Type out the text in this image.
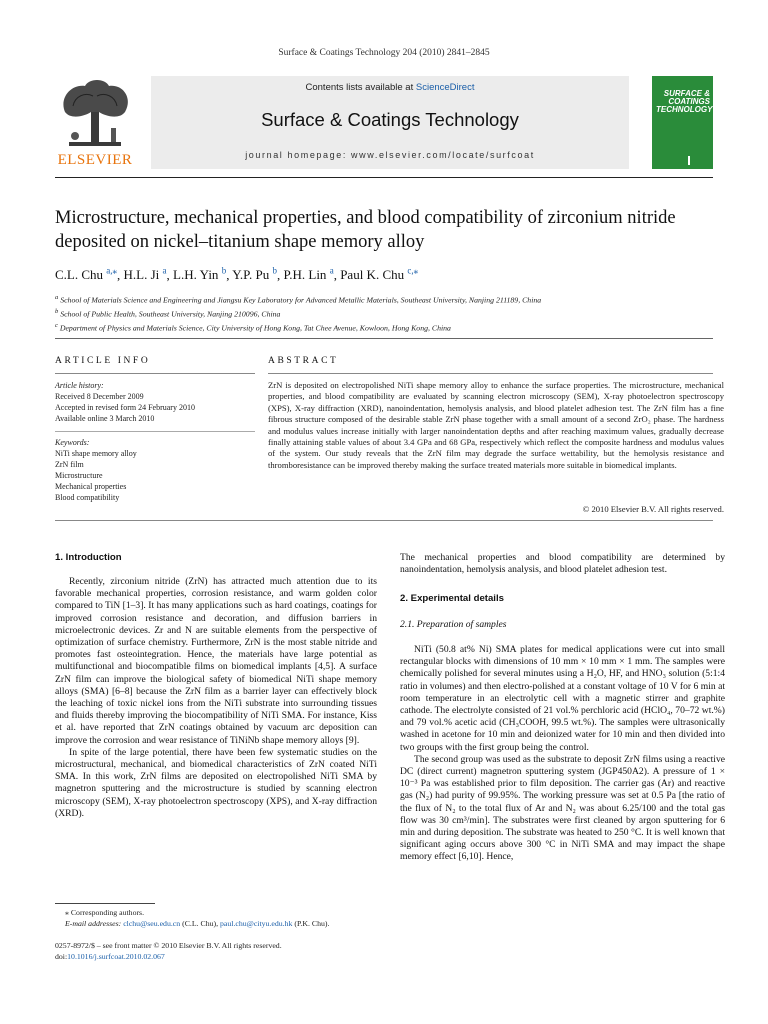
Surface & Coatings Technology 204 (2010) 2841–2845
ELSEVIER
Contents lists available at ScienceDirect
Surface & Coatings Technology
journal homepage: www.elsevier.com/locate/surfcoat
SURFACE & COATINGS TECHNOLOGY
Microstructure, mechanical properties, and blood compatibility of zirconium nitride deposited on nickel–titanium shape memory alloy
C.L. Chu $^{a,⁎}$, H.L. Ji $^a$, L.H. Yin $^b$, Y.P. Pu $^b$, P.H. Lin $^a$, Paul K. Chu $^{c,⁎}$
$^a$ School of Materials Science and Engineering and Jiangsu Key Laboratory for Advanced Metallic Materials, Southeast University, Nanjing 211189, China
$^b$ School of Public Health, Southeast University, Nanjing 210096, China
$^c$ Department of Physics and Materials Science, City University of Hong Kong, Tat Chee Avenue, Kowloon, Hong Kong, China
ARTICLE INFO	ABSTRACT
Article history:
Received 8 December 2009
Accepted in revised form 24 February 2010
Available online 3 March 2010
Keywords:
NiTi shape memory alloy
ZrN film
Microstructure
Mechanical properties
Blood compatibility
ZrN is deposited on electropolished NiTi shape memory alloy to enhance the surface properties. The microstructure, mechanical properties, and blood compatibility are evaluated by scanning electron microscopy (SEM), X-ray photoelectron spectroscopy (XPS), X-ray diffraction (XRD), nanoindentation, hemolysis analysis, and blood platelet adhesion test. The ZrN film has a fine fibrous structure composed of the desirable stable ZrN phase together with a small amount of a second ZrO₂ phase. The hardness and modulus values increase initially with larger nanoindentation depths and after reaching maximum values, gradually decrease finally attaining stable values of about 3.4 GPa and 68 GPa, respectively which reflect the composite hardness and modulus values of the system. Our study reveals that the ZrN film may degrade the surface wettability, but the hemolysis resistance and thromboresistance can be improved thereby making the surface treated materials more suitable in biomedical implants.
© 2010 Elsevier B.V. All rights reserved.
1. Introduction

Recently, zirconium nitride (ZrN) has attracted much attention due to its favorable mechanical properties, corrosion resistance, and warm golden color compared to TiN [1–3]. It has many applications such as hard coatings, coatings for improved corrosion resistance and decoration, and diffusion barriers in microelectronic devices. Zr and N are suitable elements from the perspective of optimization of surface chemistry. Furthermore, ZrN is the most stable nitride and promotes fast osteointegration. Hence, the materials have large potential as multifunctional and biocompatible films on biomedical implants [4,5]. A surface ZrN film can improve the biological safety of biomedical NiTi shape memory alloys (SMA) [6–8] because the ZrN film as a barrier layer can effectively block the leaching of toxic nickel ions from the NiTi substrate into surrounding tissues and fluids thereby improving the biocompatibility of NiTi SMA. For instance, Kiss et al. have reported that ZrN coatings obtained by vacuum arc deposition can improve the corrosion and wear resistance of TiNiNb shape memory alloys [9].

In spite of the large potential, there have been few systematic studies on the microstructural, mechanical, and biomedical characteristics of ZrN coated NiTi SMA. In this work, ZrN films are deposited on electropolished NiTi SMA by magnetron sputtering and the microstructure is studied by scanning electron microscopy (SEM), X-ray photoelectron spectroscopy (XPS), and X-ray diffraction (XRD).

The mechanical properties and blood compatibility are determined by nanoindentation, hemolysis analysis, and blood platelet adhesion test.

2. Experimental details
2.1. Preparation of samples

NiTi (50.8 at% Ni) SMA plates for medical applications were cut into small rectangular blocks with dimensions of 10 mm × 10 mm × 1 mm. The samples were chemically polished for several minutes using a H₂O, HF, and HNO₃ solution (5:1:4 ratio in volumes) and then electro-polished at a constant voltage of 10 V for 6 min at room temperature in an electrolytic cell with a magnetic stirrer and graphite cathode. The electrolyte consisted of 21 vol.% perchloric acid (HClO₄, 70–72 wt.%) and 79 vol.% acetic acid (CH₃COOH, 99.5 wt.%). The samples were ultrasonically washed in acetone for 10 min and deionized water for 10 min and then divided into two groups with the first group being the control.

The second group was used as the substrate to deposit ZrN films using a reactive DC (direct current) magnetron sputtering system (JGP450A2). A pressure of 1 × 10⁻³ Pa was established prior to film deposition. The carrier gas (Ar) and reactive gas (N₂) had purity of 99.95%. The working pressure was set at 0.5 Pa [the ratio of the flux of N₂ to the total flux of Ar and N₂ was about 6.25/100 and the total gas flow was 30 cm³/min]. The substrates were first cleaned by argon sputtering for 6 min and during deposition. The substrate was heated to 250 °C. It is well known that significant aging occurs above 300 °C in NiTi SMA and may impact the shape memory effect [6,10]. Hence,

⁎ Corresponding authors.
E-mail addresses: clchu@seu.edu.cn (C.L. Chu), paul.chu@cityu.edu.hk (P.K. Chu).
0257-8972/$ – see front matter © 2010 Elsevier B.V. All rights reserved.
doi:10.1016/j.surfcoat.2010.02.067
